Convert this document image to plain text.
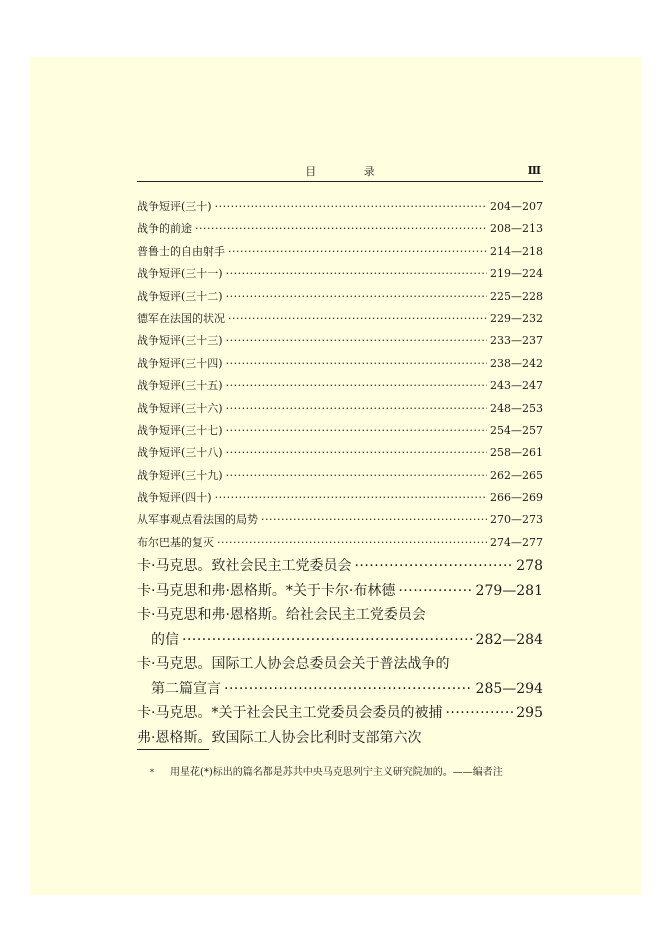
目 录	Ⅲ
战争短评(三十) ·····	204—207
战争的前途 ·····	208—213
普鲁士的自由射手 ·····	214—218
战争短评(三十一) ·····	219—224
战争短评(三十二) ·····	225—228
德军在法国的状况 ·····	229—232
战争短评(三十三) ·····	233—237
战争短评(三十四) ·····	238—242
战争短评(三十五) ·····	243—247
战争短评(三十六) ·····	248—253
战争短评(三十七) ·····	254—257
战争短评(三十八) ·····	258—261
战争短评(三十九) ·····	262—265
战争短评(四十) ·····	266—269
从军事观点看法国的局势 ·····	270—273
布尔巴基的复灭 ·····	274—277
卡·马克思。致社会民主工党委员会 ·····	278
卡·马克思和弗·恩格斯。*关于卡尔·布林德 ·····	279—281
卡·马克思和弗·恩格斯。给社会民主工党委员会
的信 ·····	282—284
卡·马克思。国际工人协会总委员会关于普法战争的
第二篇宣言 ·····	285—294
卡·马克思。*关于社会民主工党委员会委员的被捕 ·····	295
弗·恩格斯。致国际工人协会比利时支部第六次
*	用星花(*)标出的篇名都是苏共中央马克思列宁主义研究院加的。——编者注
